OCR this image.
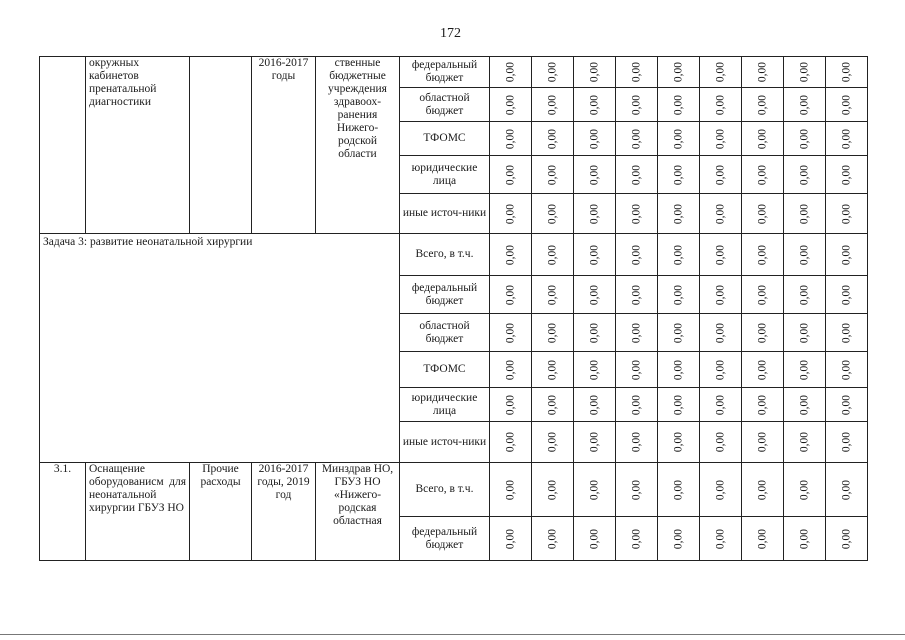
172
	окружных кабинетов пренатальной диагностики		2016-2017 годы	ственные бюджетные учреждения здравоох-ранения Нижего-родской области	федеральный бюджет	0,00	0,00	0,00	0,00	0,00	0,00	0,00	0,00	0,00

					областной бюджет	0,00	0,00	0,00	0,00	0,00	0,00	0,00	0,00	0,00

					ТФОМС	0,00	0,00	0,00	0,00	0,00	0,00	0,00	0,00	0,00

					юридические лица	0,00	0,00	0,00	0,00	0,00	0,00	0,00	0,00	0,00

					иные источ-ники	0,00	0,00	0,00	0,00	0,00	0,00	0,00	0,00	0,00

Задача 3: развитие неонатальной хирургии					Всего, в т.ч.	0,00	0,00	0,00	0,00	0,00	0,00	0,00	0,00	0,00

					федеральный бюджет	0,00	0,00	0,00	0,00	0,00	0,00	0,00	0,00	0,00

					областной бюджет	0,00	0,00	0,00	0,00	0,00	0,00	0,00	0,00	0,00

					ТФОМС	0,00	0,00	0,00	0,00	0,00	0,00	0,00	0,00	0,00

					юридические лица	0,00	0,00	0,00	0,00	0,00	0,00	0,00	0,00	0,00

					иные источ-ники	0,00	0,00	0,00	0,00	0,00	0,00	0,00	0,00	0,00

3.1.	Оснащение оборудованисм для неонатальной хирургии ГБУЗ НО	Прочие расходы	2016-2017 годы, 2019 год	Минздрав НО, ГБУЗ НО «Нижего-родская областная	Всего, в т.ч.	0,00	0,00	0,00	0,00	0,00	0,00	0,00	0,00	0,00

					федеральный бюджет	0,00	0,00	0,00	0,00	0,00	0,00	0,00	0,00	0,00
